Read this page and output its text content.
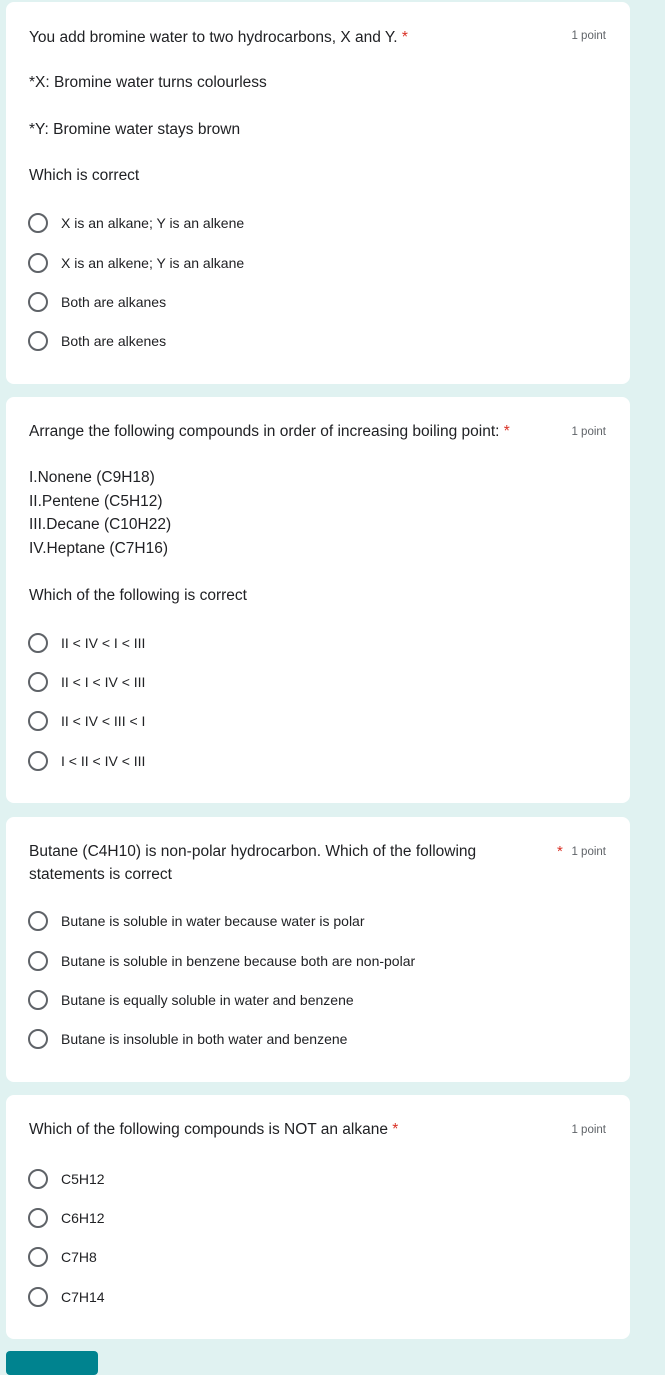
You add bromine water to two hydrocarbons, X and Y. *	1 point
*X: Bromine water turns colourless
*Y: Bromine water stays brown
Which is correct
X is an alkane; Y is an alkene
X is an alkene; Y is an alkane
Both are alkanes
Both are alkenes
Arrange the following compounds in order of increasing boiling point: *	1 point
I.Nonene (C9H18)
II.Pentene (C5H12)
III.Decane (C10H22)
IV.Heptane (C7H16)
Which of the following is correct
II < IV < I < III
II < I < IV < III
II < IV < III < I
I < II < IV < III
Butane (C4H10) is non-polar hydrocarbon. Which of the following
statements is correct
* 1 point
Butane is soluble in water because water is polar
Butane is soluble in benzene because both are non-polar
Butane is equally soluble in water and benzene
Butane is insoluble in both water and benzene
Which of the following compounds is NOT an alkane *	1 point
C5H12
C6H12
C7H8
C7H14
